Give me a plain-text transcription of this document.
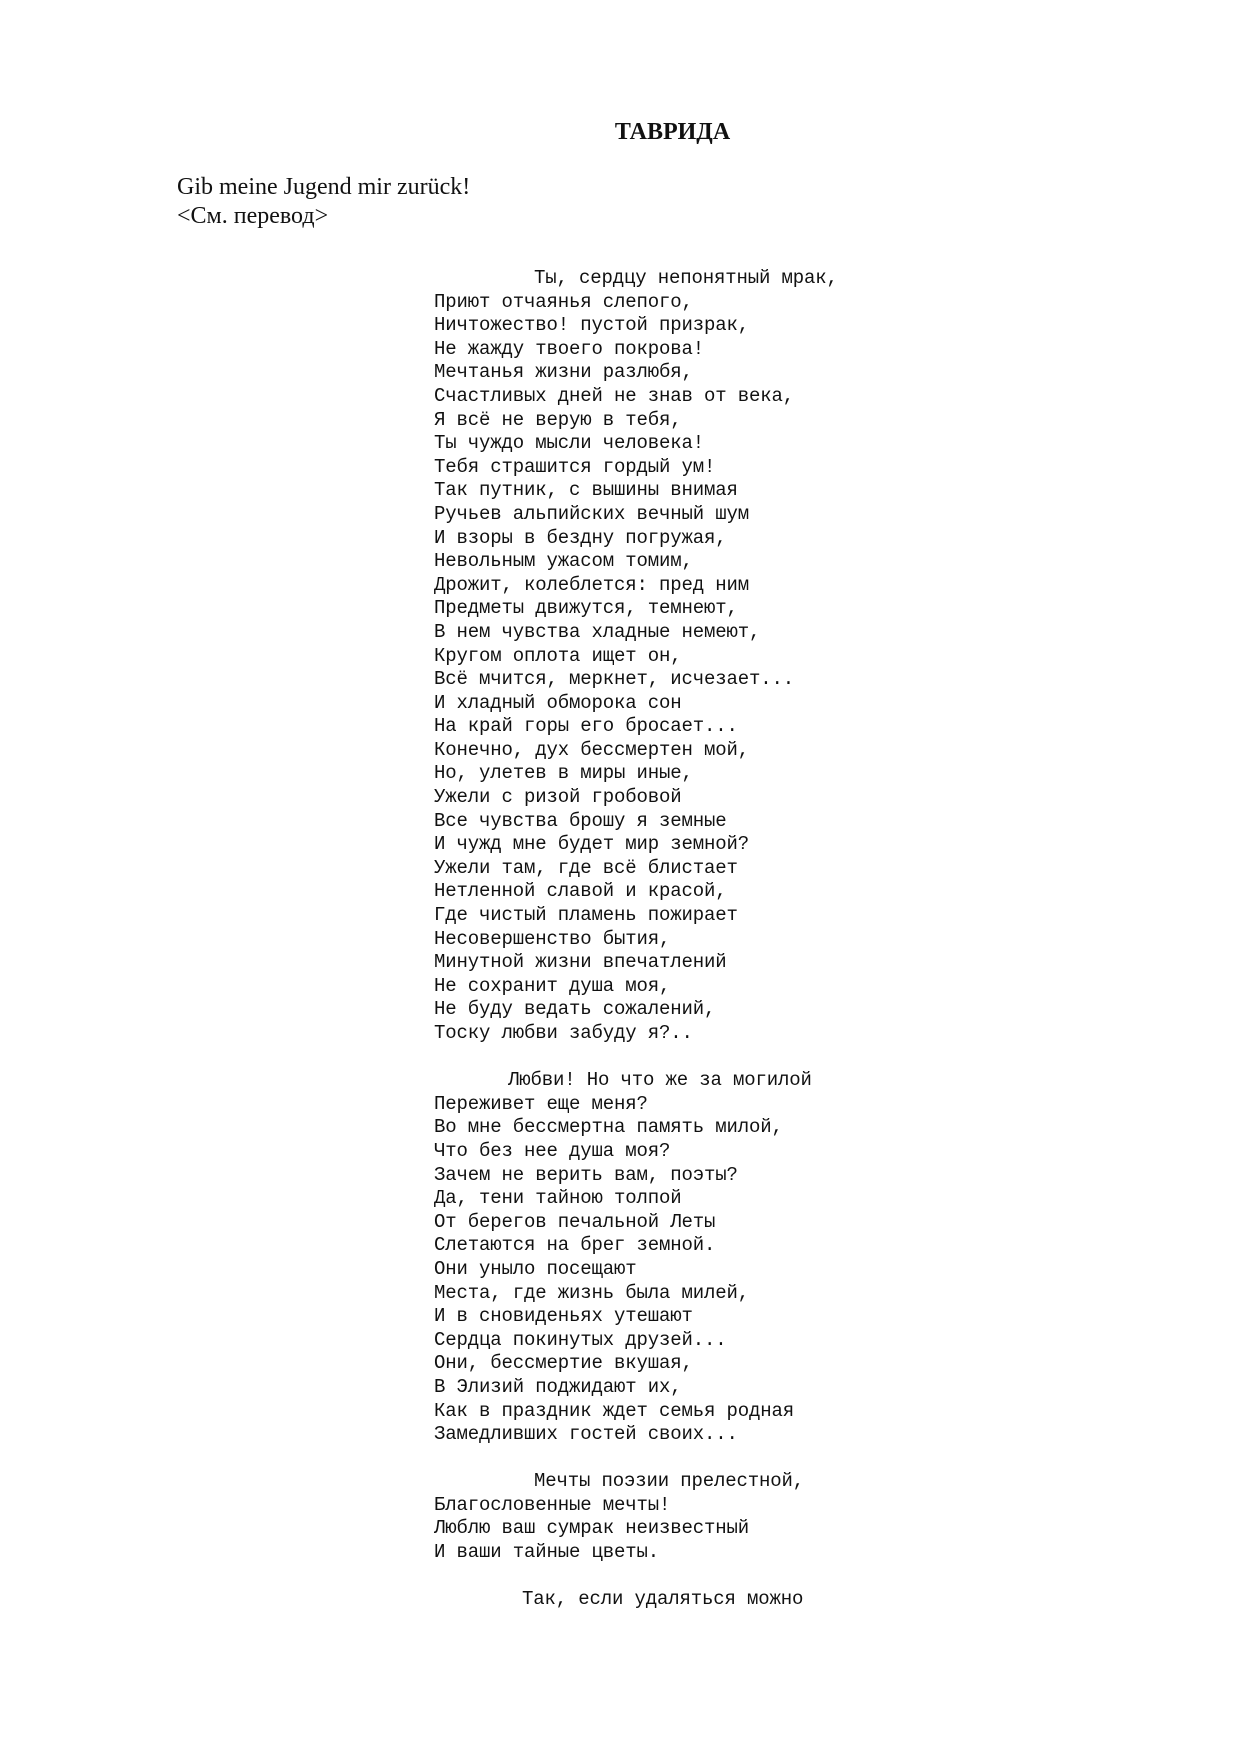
ТАВРИДА
Gib meine Jugend mir zurück!
<См. перевод>
Ты, сердцу непонятный мрак,
Приют отчаянья слепого,
Ничтожество! пустой призрак,
Не жажду твоего покрова!
Мечтанья жизни разлюбя,
Счастливых дней не знав от века,
Я всё не верую в тебя,
Ты чуждо мысли человека!
Тебя страшится гордый ум!
Так путник, с вышины внимая
Ручьев альпийских вечный шум
И взоры в бездну погружая,
Невольным ужасом томим,
Дрожит, колеблется: пред ним
Предметы движутся, темнеют,
В нем чувства хладные немеют,
Кругом оплота ищет он,
Всё мчится, меркнет, исчезает...
И хладный обморока сон
На край горы его бросает...
Конечно, дух бессмертен мой,
Но, улетев в миры иные,
Ужели с ризой гробовой
Все чувства брошу я земные
И чужд мне будет мир земной?
Ужели там, где всё блистает
Нетленной славой и красой,
Где чистый пламень пожирает
Несовершенство бытия,
Минутной жизни впечатлений
Не сохранит душа моя,
Не буду ведать сожалений,
Тоску любви забуду я?..
Любви! Но что же за могилой
Переживет еще меня?
Во мне бессмертна память милой,
Что без нее душа моя?
Зачем не верить вам, поэты?
Да, тени тайною толпой
От берегов печальной Леты
Слетаются на брег земной.
Они уныло посещают
Места, где жизнь была милей,
И в сновиденьях утешают
Сердца покинутых друзей...
Они, бессмертие вкушая,
В Элизий поджидают их,
Как в праздник ждет семья родная
Замедливших гостей своих...
Мечты поэзии прелестной,
Благословенные мечты!
Люблю ваш сумрак неизвестный
И ваши тайные цветы.
Так, если удаляться можно
